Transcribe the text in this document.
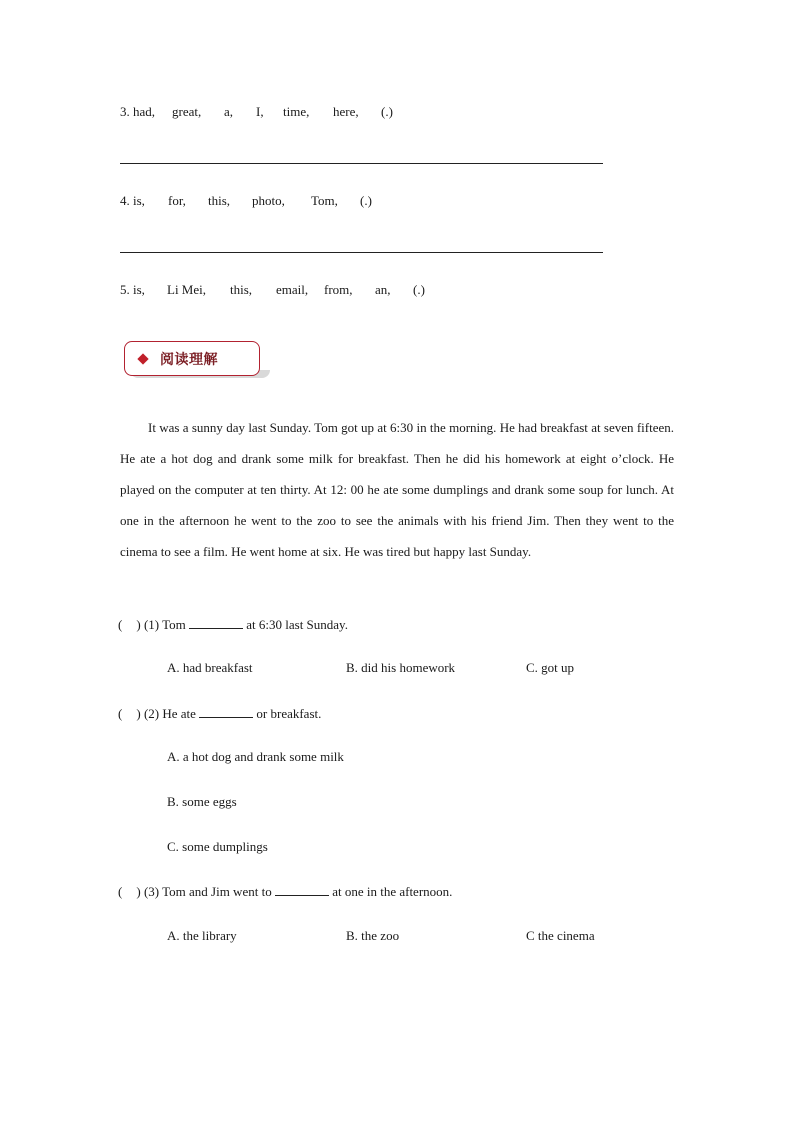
3. had, great, a, I, time, here, (.)
4. is, for, this, photo, Tom, (.)
5. is, Li Mei, this, email, from, an, (.)
阅读理解

It was a sunny day last Sunday. Tom got up at 6:30 in the morning. He had breakfast at seven fifteen. He ate a hot dog and drank some milk for breakfast. Then he did his homework at eight o’clock. He played on the computer at ten thirty. At 12: 00 he ate some dumplings and drank some soup for lunch. At one in the afternoon he went to the zoo to see the animals with his friend Jim. Then they went to the cinema to see a film. He went home at six. He was tired but happy last Sunday.

( ) (1) Tom	at 6:30 last Sunday.
A. had breakfast	B. did his homework	C. got up
( ) (2) He ate	or breakfast.
A. a hot dog and drank some milk
B. some eggs
C. some dumplings
( ) (3) Tom and Jim went to	at one in the afternoon.
A. the library	B. the zoo	C the cinema
